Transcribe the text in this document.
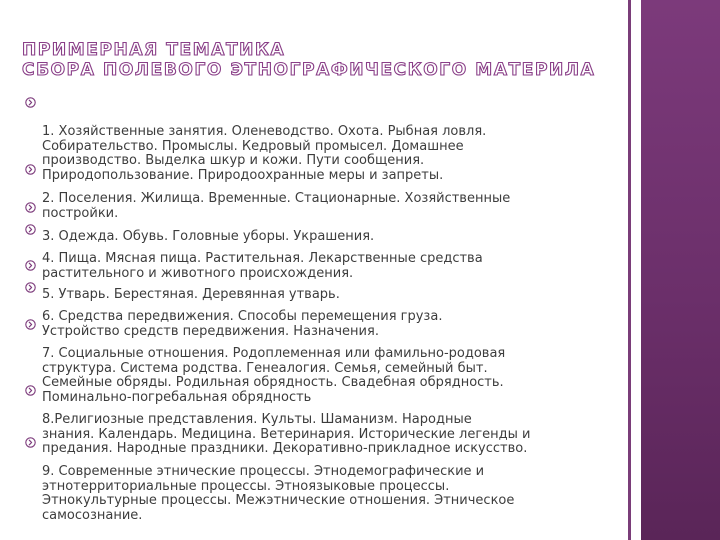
ПРИМЕРНАЯ ТЕМАТИКА
СБОРА ПОЛЕВОГО ЭТНОГРАФИЧЕСКОГО МАТЕРИЛА

1. Хозяйственные занятия. Оленеводство. Охота. Рыбная ловля.
Собирательство. Промыслы. Кедровый промысел. Домашнее
производство. Выделка шкур и кожи. Пути сообщения.
Природопользование. Природоохранные меры и запреты.

2. Поселения. Жилища. Временные. Стационарные. Хозяйственные
постройки.

3. Одежда. Обувь. Головные уборы. Украшения.

4. Пища. Мясная пища. Растительная. Лекарственные средства
растительного и животного происхождения.

5. Утварь. Берестяная. Деревянная утварь.

6. Средства передвижения. Способы перемещения груза.
Устройство средств передвижения. Назначения.

7. Социальные отношения. Родоплеменная или фамильно-родовая
структура. Система родства. Генеалогия. Семья, семейный быт.
Семейные обряды. Родильная обрядность. Свадебная обрядность.
Поминально-погребальная обрядность

8.Религиозные представления. Культы. Шаманизм. Народные
знания. Календарь. Медицина. Ветеринария. Исторические легенды и
предания. Народные праздники. Декоративно-прикладное искусство.

9. Современные этнические процессы. Этнодемографические и
этнотерриториальные процессы. Этноязыковые процессы.
Этнокультурные процессы. Межэтнические отношения. Этническое
самосознание.
